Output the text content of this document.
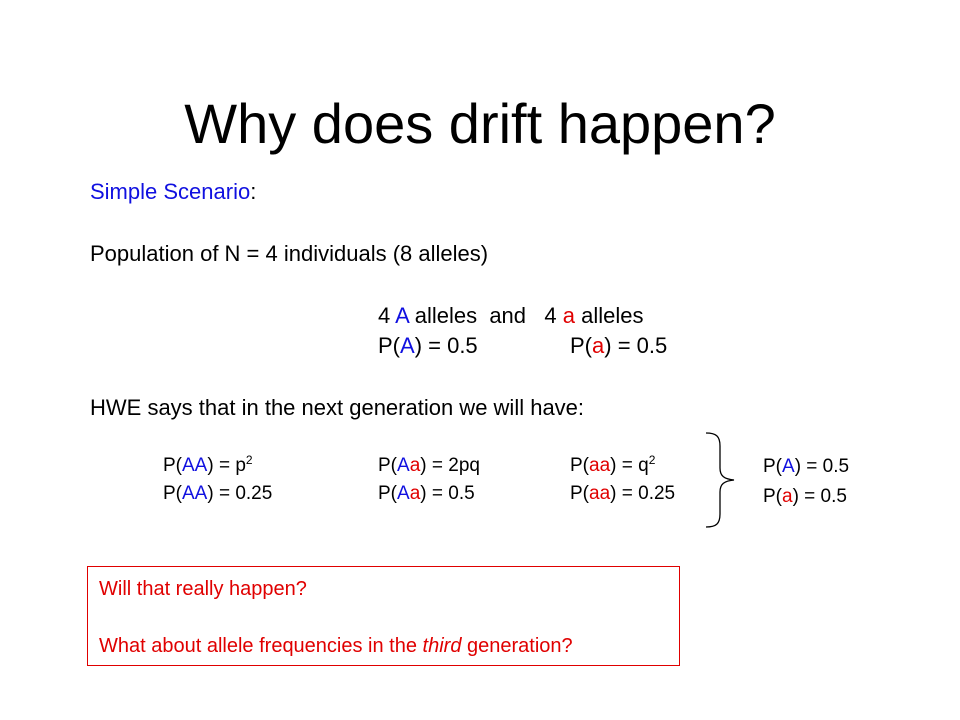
Why does drift happen?
Simple Scenario:
Population of N = 4 individuals (8 alleles)
4 A alleles  and   4 a alleles
P(A) = 0.5	P(a) = 0.5
HWE says that in the next generation we will have:
$P(AA) = p^2$
P(AA) = 0.25
P(Aa) = 2pq
P(Aa) = 0.5
$P(aa) = q^2$
P(aa) = 0.25
P(A) = 0.5
P(a) = 0.5
Will that really happen?
What about allele frequencies in the third generation?
